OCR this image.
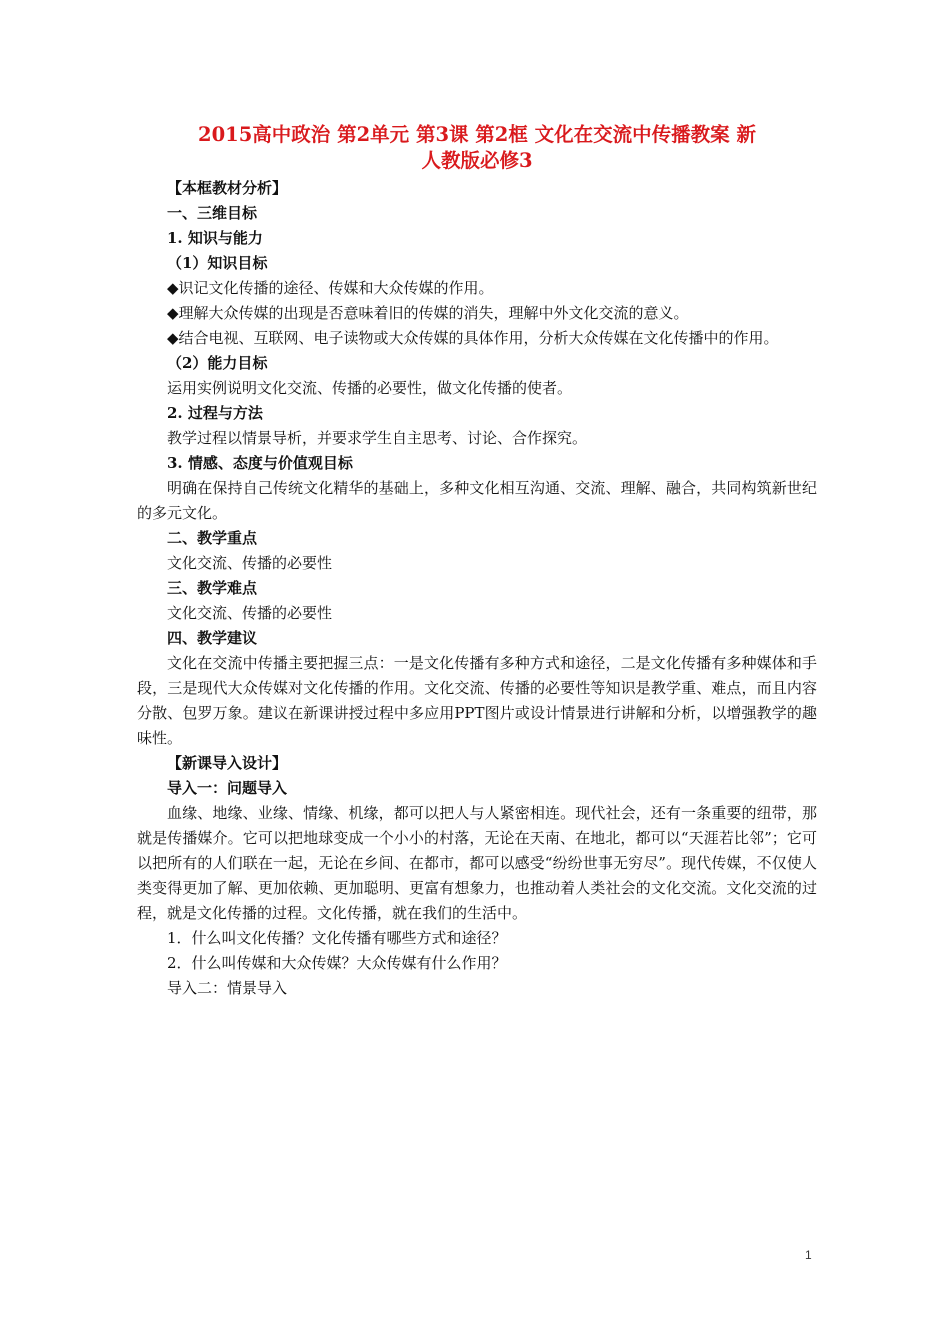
2015高中政治 第2单元 第3课 第2框 文化在交流中传播教案 新
人教版必修3
【本框教材分析】
一、三维目标
1. 知识与能力
（1）知识目标

◆识记文化传播的途径、传媒和大众传媒的作用。

◆理解大众传媒的出现是否意味着旧的传媒的消失，理解中外文化交流的意义。

◆结合电视、互联网、电子读物或大众传媒的具体作用，分析大众传媒在文化传播中的作用。

（2）能力目标

运用实例说明文化交流、传播的必要性，做文化传播的使者。

2. 过程与方法

教学过程以情景导析，并要求学生自主思考、讨论、合作探究。

3. 情感、态度与价值观目标

明确在保持自己传统文化精华的基础上，多种文化相互沟通、交流、理解、融合，共同构筑新世纪的多元文化。

二、教学重点

文化交流、传播的必要性

三、教学难点

文化交流、传播的必要性

四、教学建议

文化在交流中传播主要把握三点：一是文化传播有多种方式和途径，二是文化传播有多种媒体和手段，三是现代大众传媒对文化传播的作用。文化交流、传播的必要性等知识是教学重、难点，而且内容分散、包罗万象。建议在新课讲授过程中多应用PPT图片或设计情景进行讲解和分析，以增强教学的趣味性。

【新课导入设计】
导入一：问题导入

血缘、地缘、业缘、情缘、机缘，都可以把人与人紧密相连。现代社会，还有一条重要的纽带，那就是传播媒介。它可以把地球变成一个小小的村落，无论在天南、在地北，都可以“天涯若比邻”；它可以把所有的人们联在一起，无论在乡间、在都市，都可以感受“纷纷世事无穷尽”。现代传媒，不仅使人类变得更加了解、更加依赖、更加聪明、更富有想象力，也推动着人类社会的文化交流。文化交流的过程，就是文化传播的过程。文化传播，就在我们的生活中。

1．什么叫文化传播？文化传播有哪些方式和途径？

2．什么叫传媒和大众传媒？大众传媒有什么作用？

导入二：情景导入
1
